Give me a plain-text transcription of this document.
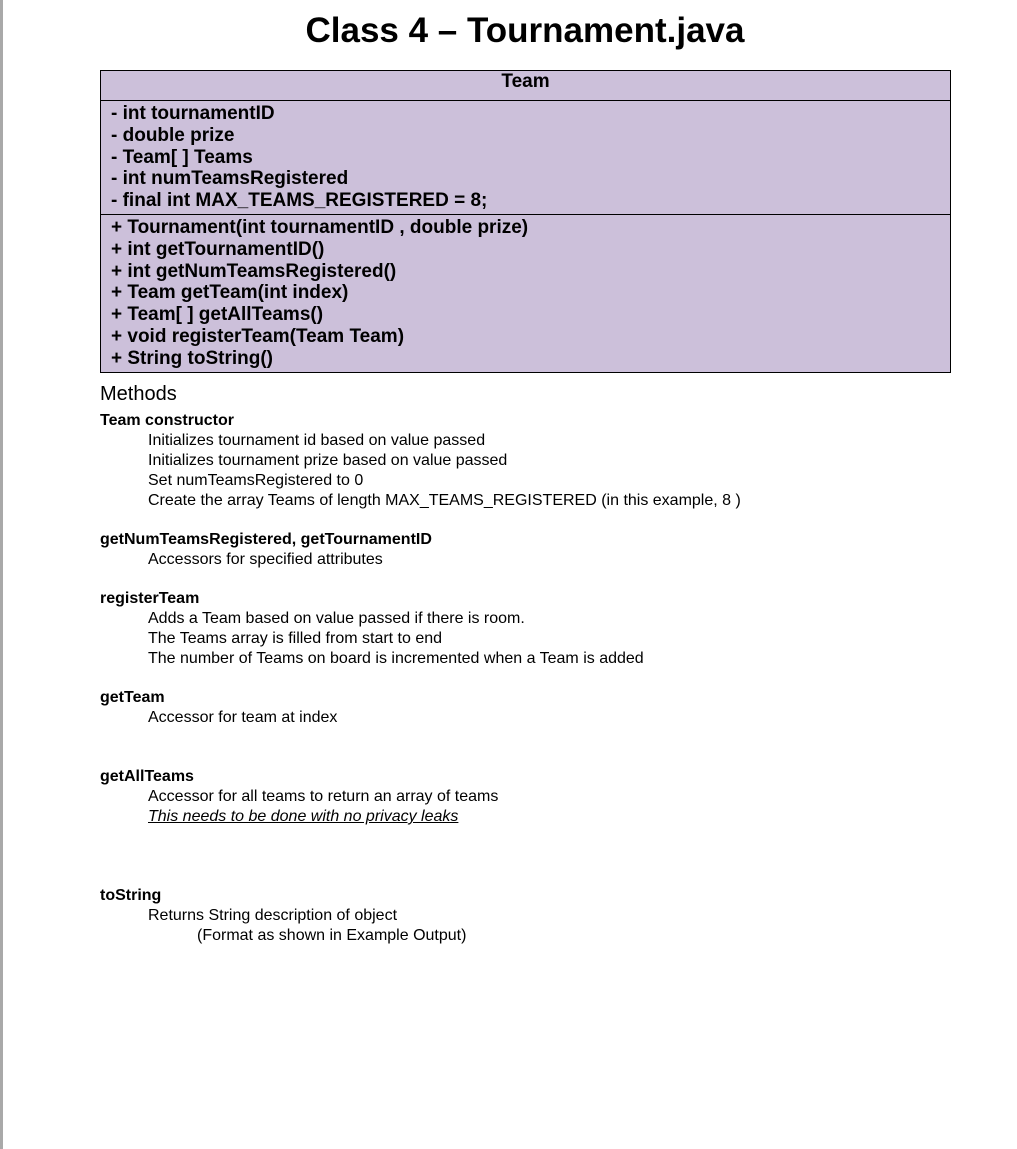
Class 4 – Tournament.java
Team
- int tournamentID
- double prize
- Team[ ] Teams
- int numTeamsRegistered
- final int MAX_TEAMS_REGISTERED = 8;
+ Tournament(int tournamentID , double prize)
+ int getTournamentID()
+ int getNumTeamsRegistered()
+ Team getTeam(int index)
+ Team[ ] getAllTeams()
+ void registerTeam(Team Team)
+ String toString()
Methods
Team constructor
Initializes tournament id based on value passed
Initializes tournament prize based on value passed
Set numTeamsRegistered to 0
Create the array Teams of length MAX_TEAMS_REGISTERED (in this example, 8 )
getNumTeamsRegistered, getTournamentID
Accessors for specified attributes
registerTeam
Adds a Team based on value passed if there is room.
The Teams array is filled from start to end
The number of Teams on board is incremented when a Team is added
getTeam
Accessor for team at index
getAllTeams
Accessor for all teams to return an array of teams
This needs to be done with no privacy leaks
toString
Returns String description of object
(Format as shown in Example Output)
